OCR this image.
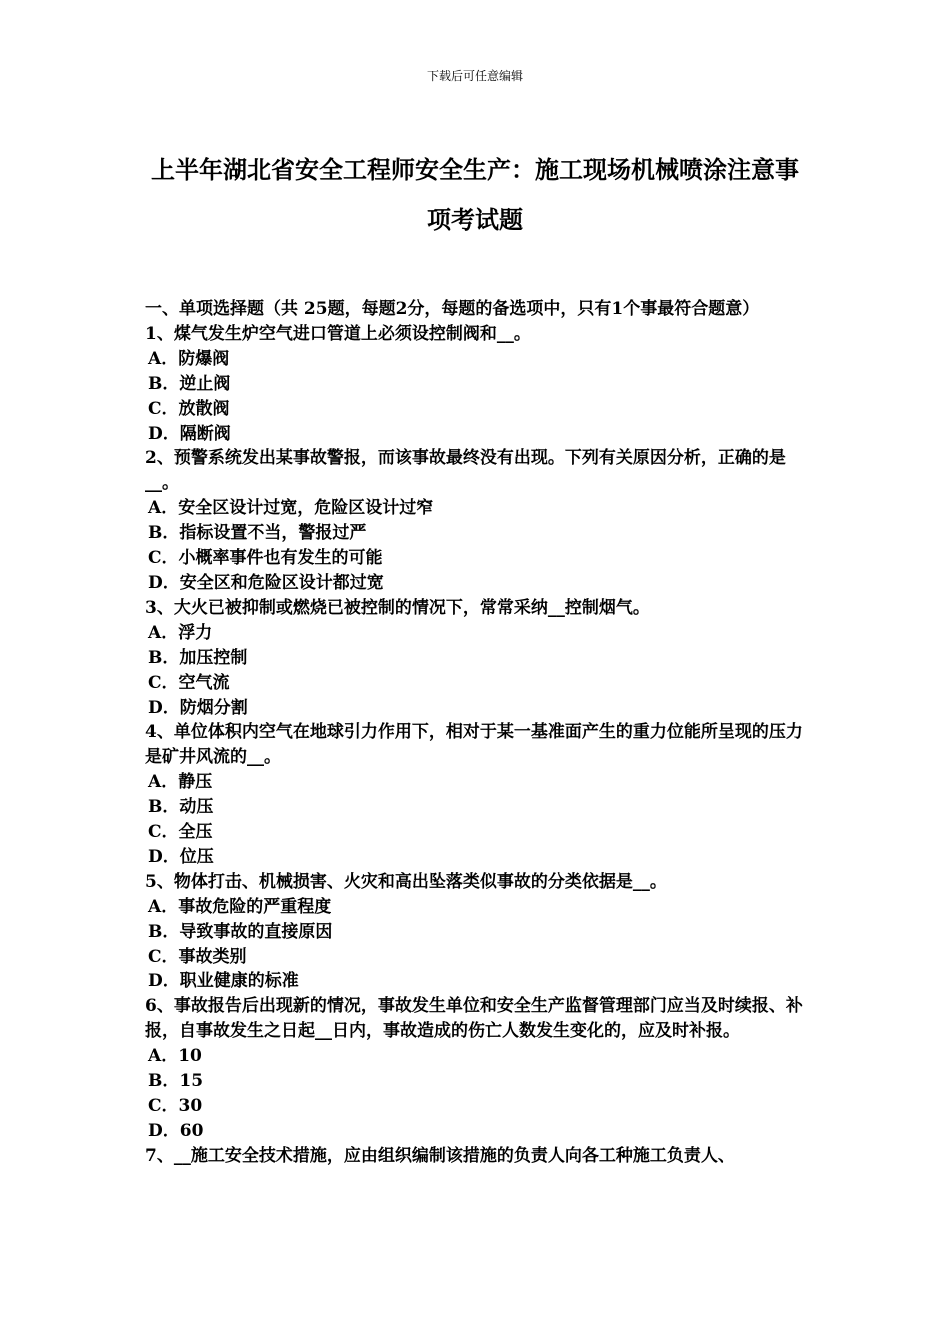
下载后可任意编辑
上半年湖北省安全工程师安全生产：施工现场机械喷涂注意事项考试题

一、单项选择题（共 25题，每题2分，每题的备选项中，只有1个事最符合题意）

1、煤气发生炉空气进口管道上必须设控制阀和__。

A．防爆阀

B．逆止阀

C．放散阀

D．隔断阀

2、预警系统发出某事故警报，而该事故最终没有出现。下列有关原因分析，正确的是__。

A．安全区设计过宽，危险区设计过窄

B．指标设置不当，警报过严

C．小概率事件也有发生的可能

D．安全区和危险区设计都过宽

3、大火已被抑制或燃烧已被控制的情况下，常常采纳__控制烟气。

A．浮力

B．加压控制

C．空气流

D．防烟分割

4、单位体积内空气在地球引力作用下，相对于某一基准面产生的重力位能所呈现的压力是矿井风流的__。

A．静压

B．动压

C．全压

D．位压

5、物体打击、机械损害、火灾和高出坠落类似事故的分类依据是__。

A．事故危险的严重程度

B．导致事故的直接原因

C．事故类别

D．职业健康的标准

6、事故报告后出现新的情况，事故发生单位和安全生产监督管理部门应当及时续报、补报，自事故发生之日起__日内，事故造成的伤亡人数发生变化的，应及时补报。

A．10

B．15

C．30

D．60

7、__施工安全技术措施，应由组织编制该措施的负责人向各工种施工负责人、
